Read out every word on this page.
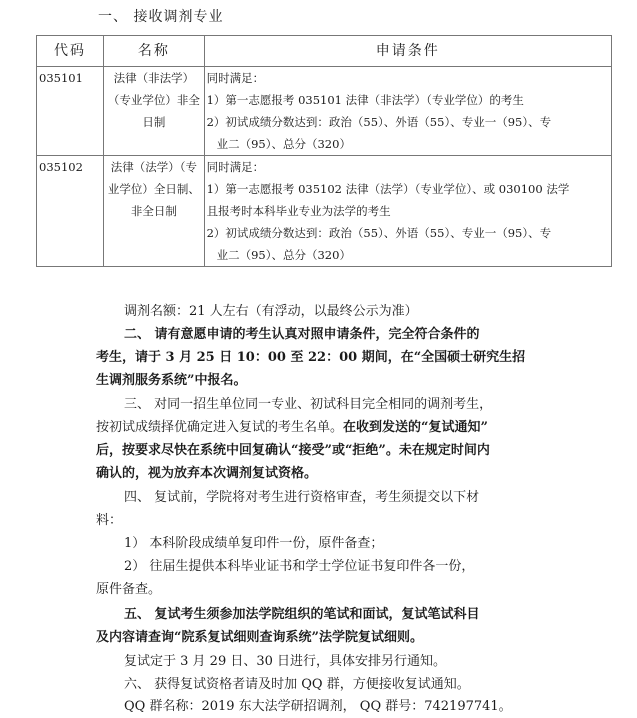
一、 接收调剂专业
代码	名称	申请条件
035101	法律（非法学）（专业学位）非全日制	同时满足：
1）第一志愿报考 035101 法律（非法学）（专业学位）的考生
2）初试成绩分数达到：政治（55）、外语（55）、专业一（95）、专
业二（95）、总分（320）

035102	法律（法学）（专业学位）全日制、非全日制	同时满足：
1）第一志愿报考 035102 法律（法学）（专业学位）、或 030100 法学
且报考时本科毕业专业为法学的考生
2）初试成绩分数达到：政治（55）、外语（55）、专业一（95）、专
业二（95）、总分（320）
调剂名额：21 人左右（有浮动，以最终公示为准）
二、 请有意愿申请的考生认真对照申请条件，完全符合条件的
考生，请于 3 月 25 日 10：00 至 22：00 期间，在“全国硕士研究生招
生调剂服务系统”中报名。
三、 对同一招生单位同一专业、初试科目完全相同的调剂考生，
按初试成绩择优确定进入复试的考生名单。在收到发送的“复试通知”
后，按要求尽快在系统中回复确认“接受”或“拒绝”。未在规定时间内
确认的，视为放弃本次调剂复试资格。
四、 复试前，学院将对考生进行资格审查，考生须提交以下材
料：
1） 本科阶段成绩单复印件一份，原件备查；
2） 往届生提供本科毕业证书和学士学位证书复印件各一份，
原件备查。
五、 复试考生须参加法学院组织的笔试和面试，复试笔试科目
及内容请查询“院系复试细则查询系统”法学院复试细则。
复试定于 3 月 29 日、30 日进行，具体安排另行通知。
六、 获得复试资格者请及时加 QQ 群，方便接收复试通知。
QQ 群名称：2019 东大法学研招调剂， QQ 群号：742197741。
